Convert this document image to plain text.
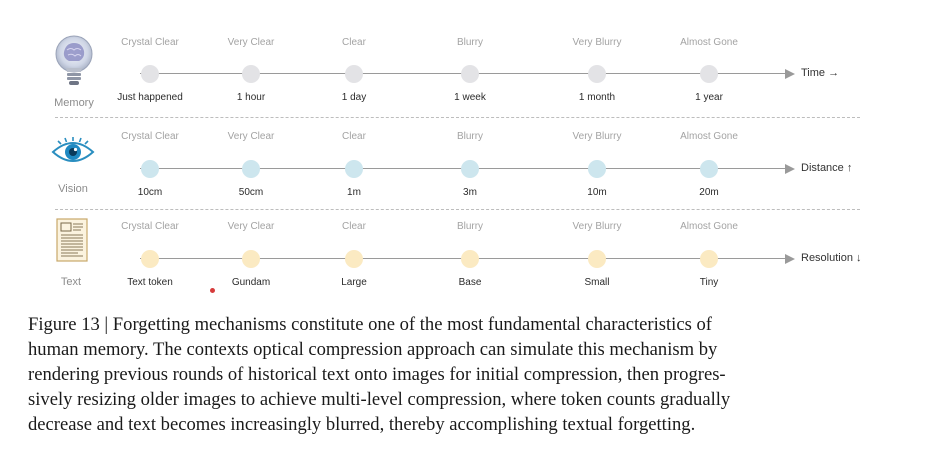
Memory
Vision
Text
Time →
Crystal Clear
Just happened
Very Clear
1 hour
Clear
1 day
Blurry
1 week
Very Blurry
1 month
Almost Gone
1 year
Distance ↑
Crystal Clear
10cm
Very Clear
50cm
Clear
1m
Blurry
3m
Very Blurry
10m
Almost Gone
20m
Resolution ↓
Crystal Clear
Text token
Very Clear
Gundam
Clear
Large
Blurry
Base
Very Blurry
Small
Almost Gone
Tiny

Figure 13 | Forgetting mechanisms constitute one of the most fundamental characteristics of
human memory. The contexts optical compression approach can simulate this mechanism by
rendering previous rounds of historical text onto images for initial compression, then progres-
sively resizing older images to achieve multi-level compression, where token counts gradually
decrease and text becomes increasingly blurred, thereby accomplishing textual forgetting.
